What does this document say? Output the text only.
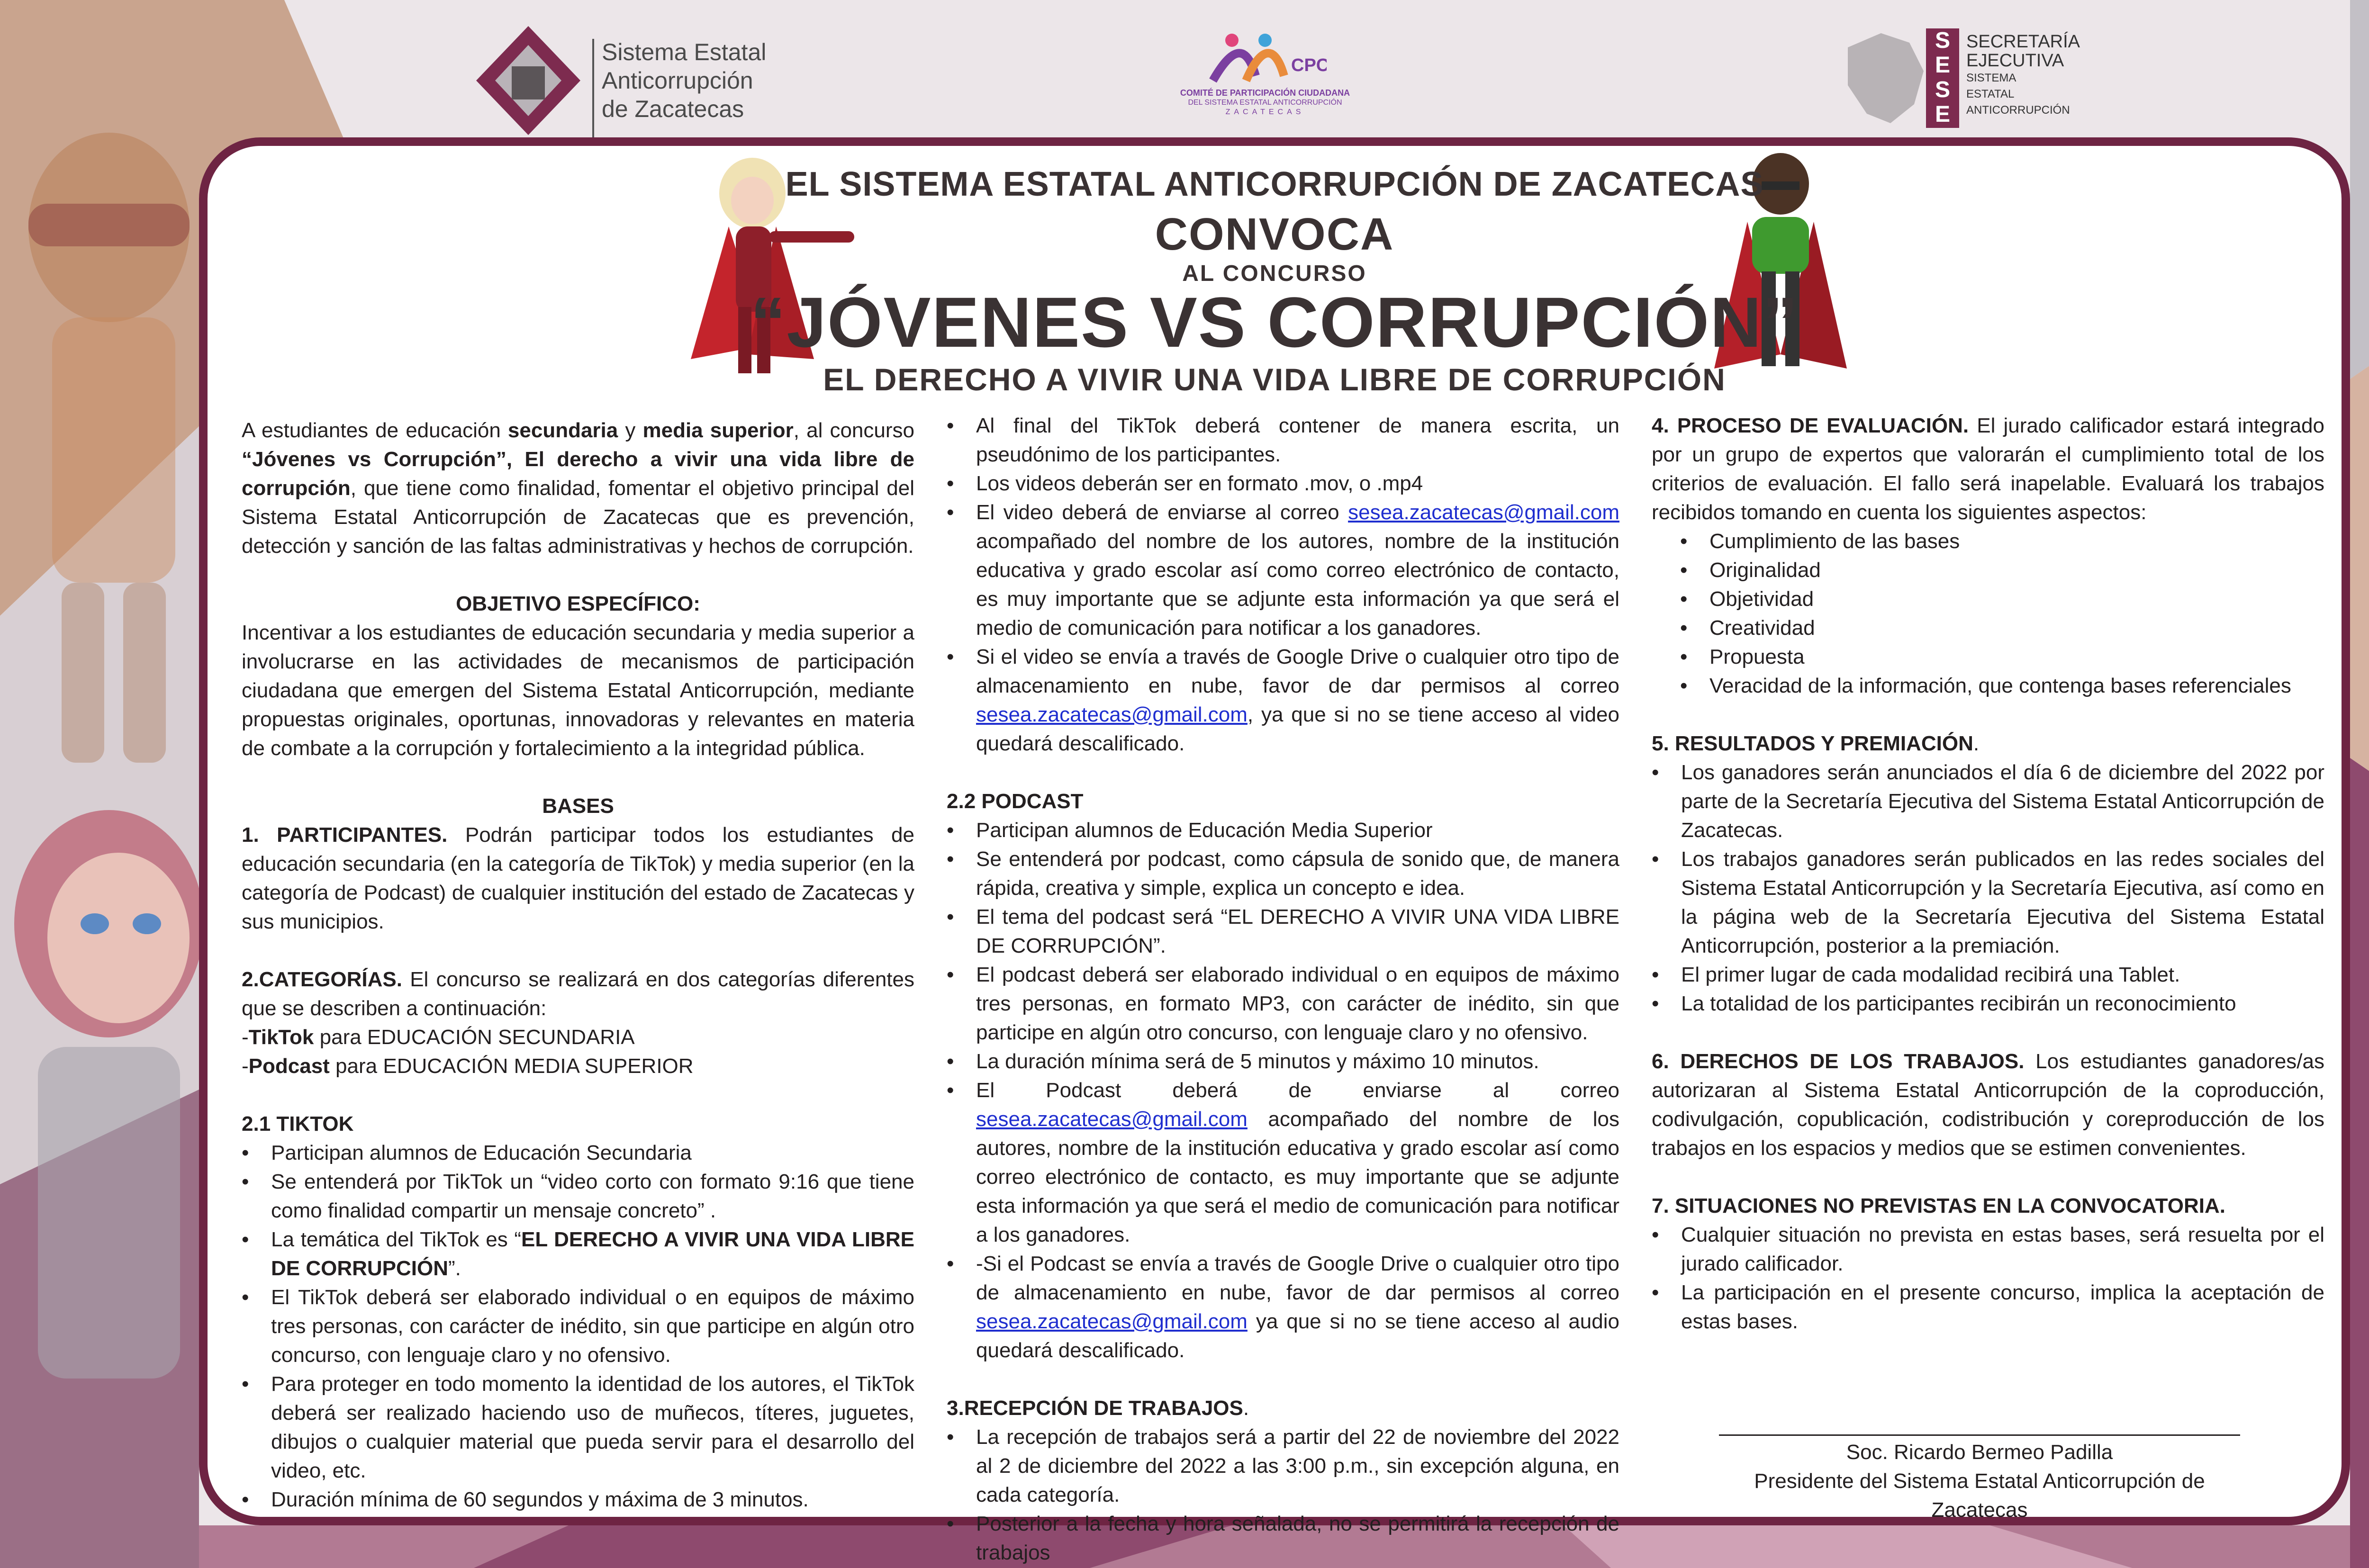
Sistema Estatal
Anticorrupción
de Zacatecas
CPC
COMITÉ DE PARTICIPACIÓN CIUDADANA
DEL SISTEMA ESTATAL ANTICORRUPCIÓN
ZACATECAS
S
E
S
E
SECRETARÍA
EJECUTIVA
SISTEMA
ESTATAL
ANTICORRUPCIÓN
EL SISTEMA ESTATAL ANTICORRUPCIÓN DE ZACATECAS
CONVOCA
AL CONCURSO
“JÓVENES VS CORRUPCIÓN”
EL DERECHO A VIVIR UNA VIDA LIBRE DE CORRUPCIÓN

A estudiantes de educación secundaria y media superior, al concurso “Jóvenes vs Corrupción”, El derecho a vivir una vida libre de corrupción, que tiene como finalidad, fomentar el objetivo principal del Sistema Estatal Anticorrupción de Zacatecas que es prevención, detección y sanción de las faltas administrativas y hechos de corrupción.

OBJETIVO ESPECÍFICO:

Incentivar a los estudiantes de educación secundaria y media superior a involucrarse en las actividades de mecanismos de participación ciudadana que emergen del Sistema Estatal Anticorrupción, mediante propuestas originales, oportunas, innovadoras y relevantes en materia de combate a la corrupción y fortalecimiento a la integridad pública.

BASES

1. PARTICIPANTES. Podrán participar todos los estudiantes de educación secundaria (en la categoría de TikTok) y media superior (en la categoría de Podcast) de cualquier institución del estado de Zacatecas y sus municipios.

2.CATEGORÍAS. El concurso se realizará en dos categorías diferentes que se describen a continuación:

-TikTok para EDUCACIÓN SECUNDARIA

-Podcast para EDUCACIÓN MEDIA SUPERIOR

2.1 TIKTOK

• Participan alumnos de Educación Secundaria
• Se entenderá por TikTok un “video corto con formato 9:16 que tiene como finalidad compartir un mensaje concreto” .
• La temática del TikTok es “EL DERECHO A VIVIR UNA VIDA LIBRE DE CORRUPCIÓN”.
• El TikTok deberá ser elaborado individual o en equipos de máximo tres personas, con carácter de inédito, sin que participe en algún otro concurso, con lenguaje claro y no ofensivo.
• Para proteger en todo momento la identidad de los autores, el TikTok deberá ser realizado haciendo uso de muñecos, títeres, juguetes, dibujos o cualquier material que pueda servir para el desarrollo del video, etc.
• Duración mínima de 60 segundos y máxima de 3 minutos.
• Al final del TikTok deberá contener de manera escrita, un pseudónimo de los participantes.
• Los videos deberán ser en formato .mov, o .mp4
• El video deberá de enviarse al correo sesea.zacatecas@gmail.com acompañado del nombre de los autores, nombre de la institución educativa y grado escolar así como correo electrónico de contacto, es muy importante que se adjunte esta información ya que será el medio de comunicación para notificar a los ganadores.
• Si el video se envía a través de Google Drive o cualquier otro tipo de almacenamiento en nube, favor de dar permisos al correo sesea.zacatecas@gmail.com, ya que si no se tiene acceso al video quedará descalificado.

2.2 PODCAST

• Participan alumnos de Educación Media Superior
• Se entenderá por podcast, como cápsula de sonido que, de manera rápida, creativa y simple, explica un concepto e idea.
• El tema del podcast será “EL DERECHO A VIVIR UNA VIDA LIBRE DE CORRUPCIÓN”.
• El podcast deberá ser elaborado individual o en equipos de máximo tres personas, en formato MP3, con carácter de inédito, sin que participe en algún otro concurso, con lenguaje claro y no ofensivo.
• La duración mínima será de 5 minutos y máximo 10 minutos.
• El Podcast deberá de enviarse al correo sesea.zacatecas@gmail.com acompañado del nombre de los autores, nombre de la institución educativa y grado escolar así como correo electrónico de contacto, es muy importante que se adjunte esta información ya que será el medio de comunicación para notificar a los ganadores.
• -Si el Podcast se envía a través de Google Drive o cualquier otro tipo de almacenamiento en nube, favor de dar permisos al correo sesea.zacatecas@gmail.com ya que si no se tiene acceso al audio quedará descalificado.

3.RECEPCIÓN DE TRABAJOS.

• La recepción de trabajos será a partir del 22 de noviembre del 2022 al 2 de diciembre del 2022 a las 3:00 p.m., sin excepción alguna, en cada categoría.
• Posterior a la fecha y hora señalada, no se permitirá la recepción de trabajos

4. PROCESO DE EVALUACIÓN. El jurado calificador estará integrado por un grupo de expertos que valorarán el cumplimiento total de los criterios de evaluación. El fallo será inapelable. Evaluará los trabajos recibidos tomando en cuenta los siguientes aspectos:

• Cumplimiento de las bases
• Originalidad
• Objetividad
• Creatividad
• Propuesta
• Veracidad de la información, que contenga bases referenciales

5. RESULTADOS Y PREMIACIÓN.

• Los ganadores serán anunciados el día 6 de diciembre del 2022 por parte de la Secretaría Ejecutiva del Sistema Estatal Anticorrupción de Zacatecas.
• Los trabajos ganadores serán publicados en las redes sociales del Sistema Estatal Anticorrupción y la Secretaría Ejecutiva, así como en la página web de la Secretaría Ejecutiva del Sistema Estatal Anticorrupción, posterior a la premiación.
• El primer lugar de cada modalidad recibirá una Tablet.
• La totalidad de los participantes recibirán un reconocimiento

6. DERECHOS DE LOS TRABAJOS. Los estudiantes ganadores/as autorizaran al Sistema Estatal Anticorrupción de la coproducción, codivulgación, copublicación, codistribución y coreproducción de los trabajos en los espacios y medios que se estimen convenientes.

7. SITUACIONES NO PREVISTAS EN LA CONVOCATORIA.

• Cualquier situación no prevista en estas bases, será resuelta por el jurado calificador.
• La participación en el presente concurso, implica la aceptación de estas bases.
Soc. Ricardo Bermeo Padilla
Presidente del Sistema Estatal Anticorrupción de Zacatecas
